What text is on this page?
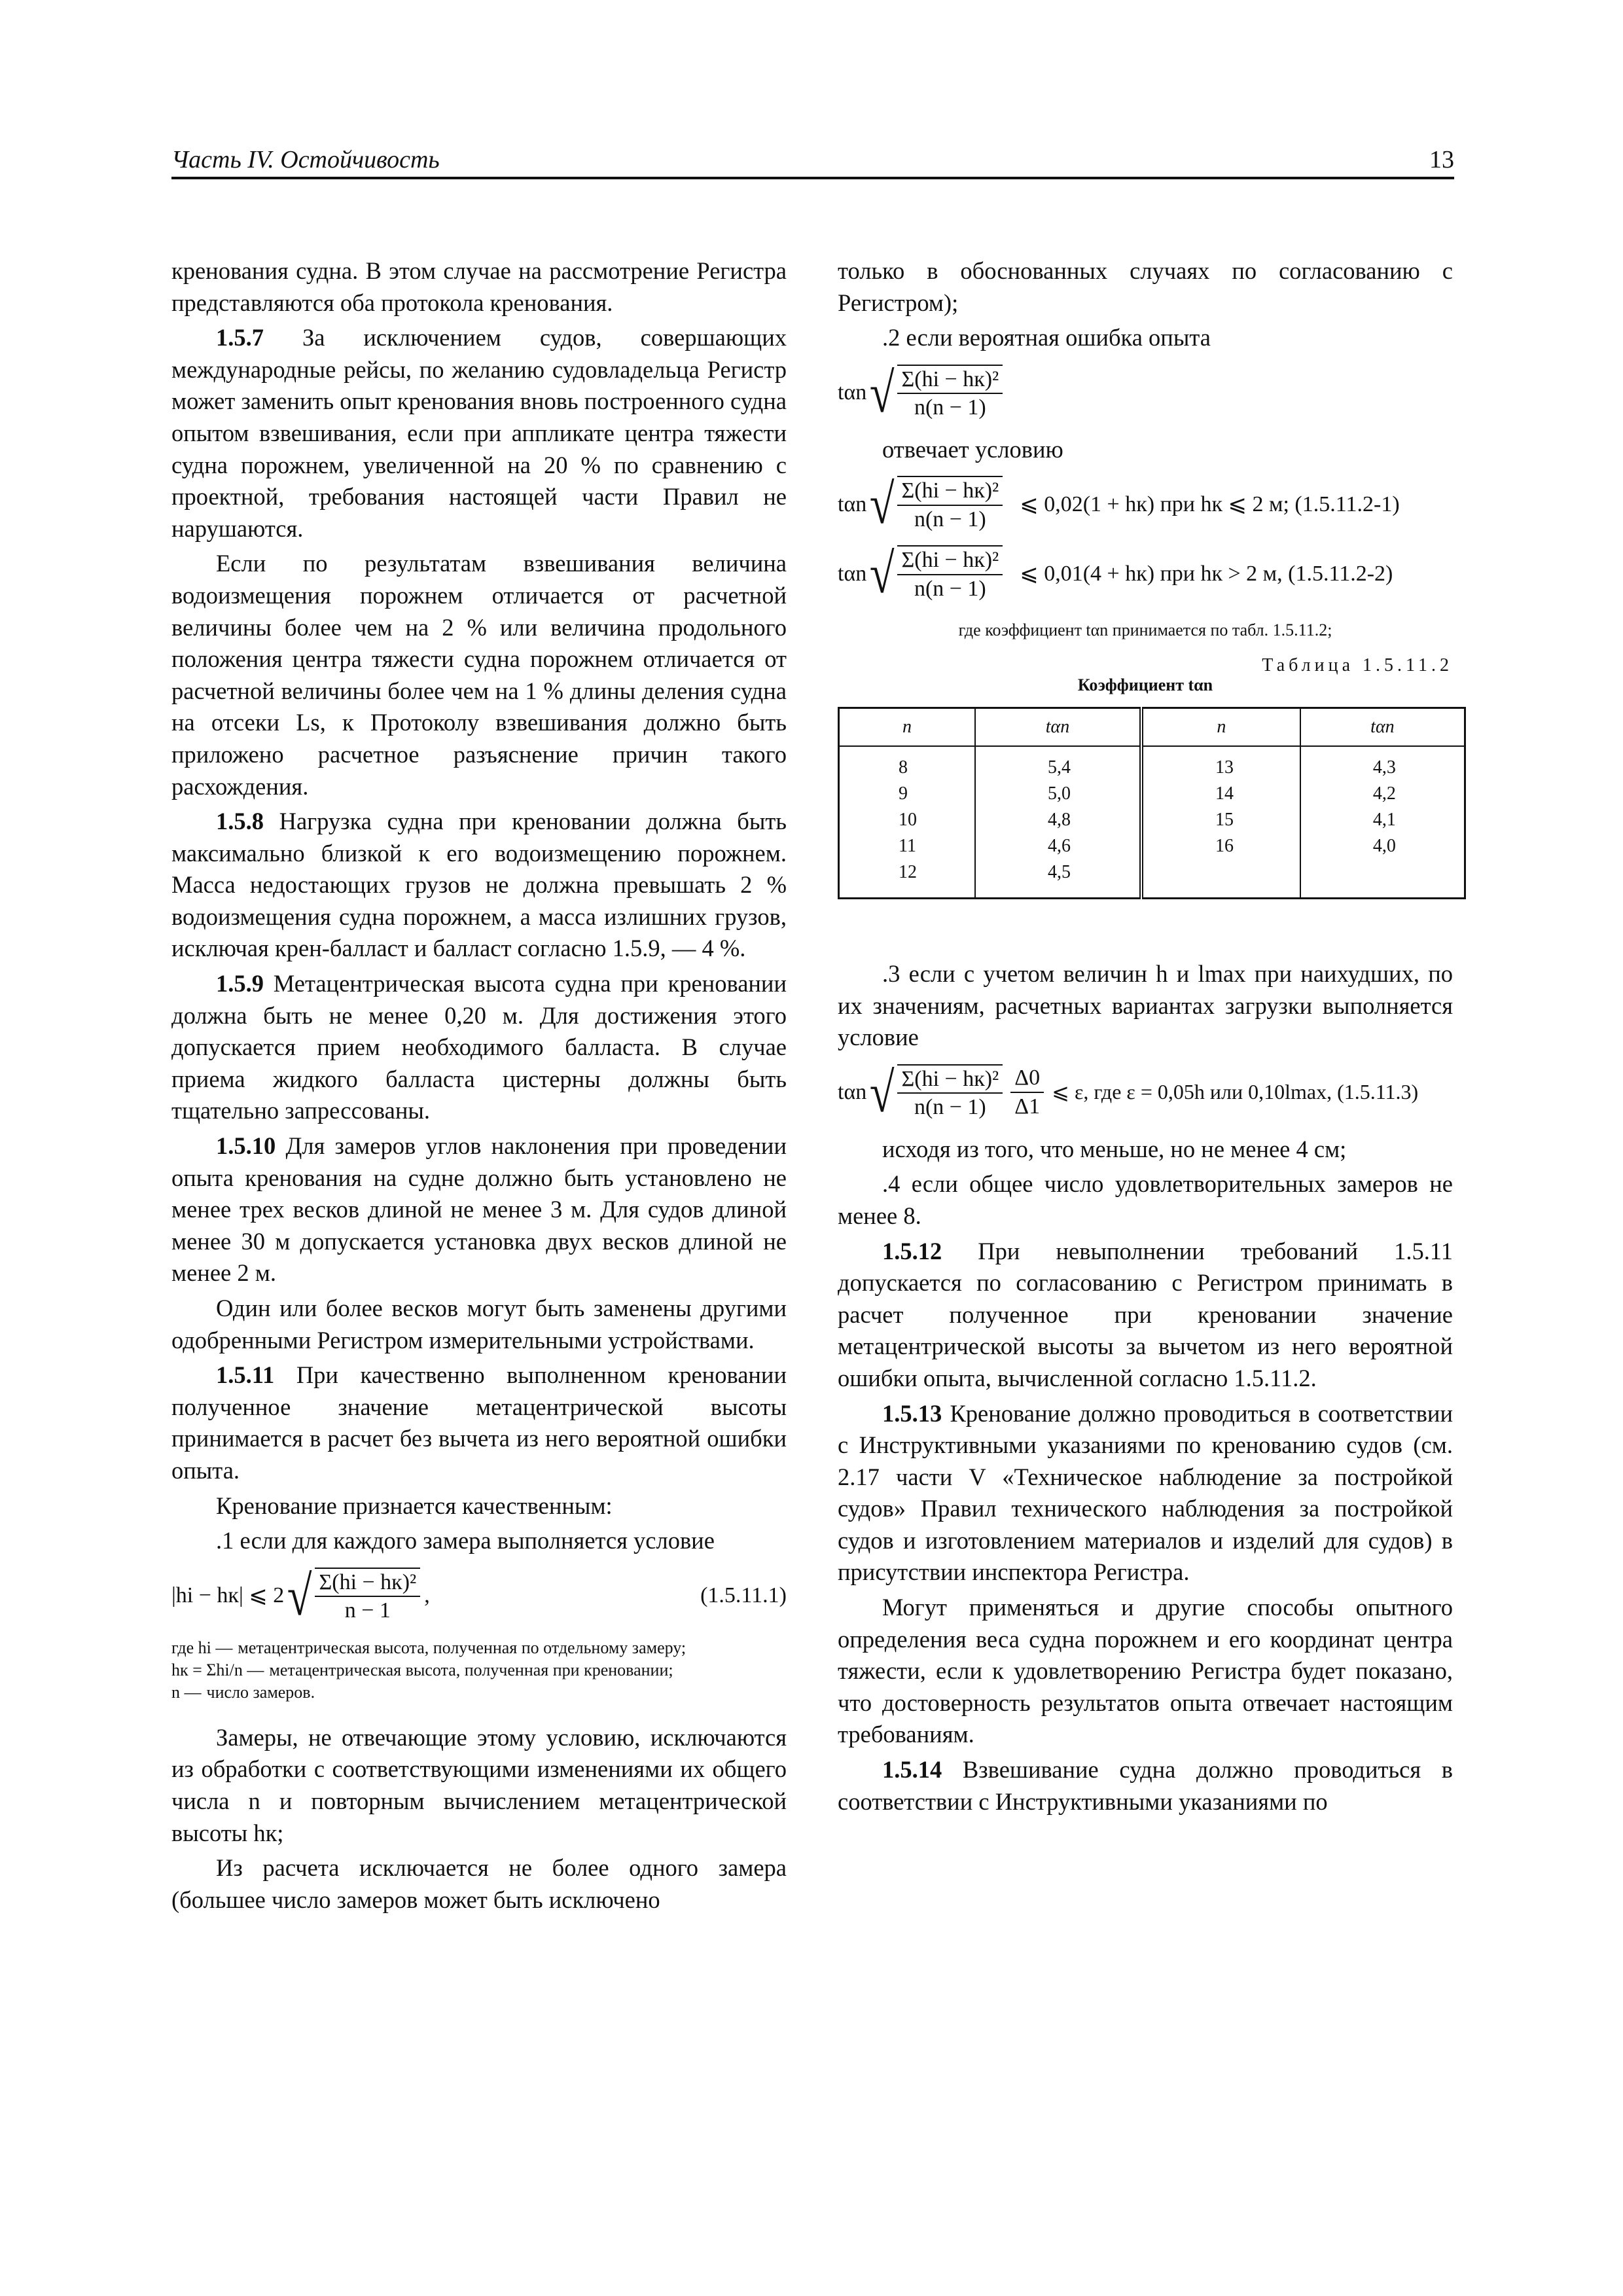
Часть IV. Остойчивость	13

кренования судна. В этом случае на рассмотрение Регистра представляются оба протокола кренования.

1.5.7 За исключением судов, совершающих международные рейсы, по желанию судовладельца Регистр может заменить опыт кренования вновь построенного судна опытом взвешивания, если при аппликате центра тяжести судна порожнем, увеличенной на 20 % по сравнению с проектной, требования настоящей части Правил не нарушаются.

Если по результатам взвешивания величина водоизмещения порожнем отличается от расчетной величины более чем на 2 % или величина продольного положения центра тяжести судна порожнем отличается от расчетной величины более чем на 1 % длины деления судна на отсеки Ls, к Протоколу взвешивания должно быть приложено расчетное разъяснение причин такого расхождения.

1.5.8 Нагрузка судна при креновании должна быть максимально близкой к его водоизмещению порожнем. Масса недостающих грузов не должна превышать 2 % водоизмещения судна порожнем, а масса излишних грузов, исключая крен-балласт и балласт согласно 1.5.9, — 4 %.

1.5.9 Метацентрическая высота судна при креновании должна быть не менее 0,20 м. Для достижения этого допускается прием необходимого балласта. В случае приема жидкого балласта цистерны должны быть тщательно запрессованы.

1.5.10 Для замеров углов наклонения при проведении опыта кренования на судне должно быть установлено не менее трех весков длиной не менее 3 м. Для судов длиной менее 30 м допускается установка двух весков длиной не менее 2 м.

Один или более весков могут быть заменены другими одобренными Регистром измерительными устройствами.

1.5.11 При качественно выполненном креновании полученное значение метацентрической высоты принимается в расчет без вычета из него вероятной ошибки опыта.

Кренование признается качественным:

.1 если для каждого замера выполняется условие

|hi − hк| ⩽ 2 √ $\frac{\text{Σ(hi − hк)²}}{n - 1}$ ,	(1.5.11.1)
где hi — метацентрическая высота, полученная по отдельному замеру;
hк = Σhi/n — метацентрическая высота, полученная при креновании;
n — число замеров.

Замеры, не отвечающие этому условию, исключаются из обработки с соответствующими изменениями их общего числа n и повторным вычислением метацентрической высоты hк;

Из расчета исключается не более одного замера (большее число замеров может быть исключено

только в обоснованных случаях по согласованию с Регистром);

.2 если вероятная ошибка опыта

tαn √ $\frac{\text{Σ(hi − hк)²}}{n(n - 1)}$

отвечает условию

tαn √ $\frac{\text{Σ(hi − hк)²}}{n(n - 1)}$ ⩽ 0,02(1 + hк) при hк ⩽ 2 м; (1.5.11.2-1)
tαn √ $\frac{\text{Σ(hi − hк)²}}{n(n - 1)}$ ⩽ 0,01(4 + hк) при hк > 2 м, (1.5.11.2-2)
где коэффициент tαn принимается по табл. 1.5.11.2;
Таблица 1.5.11.2
Коэффициент tαn
n	tαn	n	tαn
8	5,4	13	4,3
9	5,0	14	4,2
10	4,8	15	4,1
11	4,6	16	4,0
12	4,5		

.3 если с учетом величин h и lmax при наихудших, по их значениям, расчетных вариантах загрузки выполняется условие

tαn √ $\frac{\text{Σ(hi − hк)²}}{n(n - 1)} \frac{\Delta 0}{\Delta 1}$ ⩽ ε, где ε = 0,05h или 0,10lmax, (1.5.11.3)

исходя из того, что меньше, но не менее 4 см;

.4 если общее число удовлетворительных замеров не менее 8.

1.5.12 При невыполнении требований 1.5.11 допускается по согласованию с Регистром принимать в расчет полученное при креновании значение метацентрической высоты за вычетом из него вероятной ошибки опыта, вычисленной согласно 1.5.11.2.

1.5.13 Кренование должно проводиться в соответствии с Инструктивными указаниями по кренованию судов (см. 2.17 части V «Техническое наблюдение за постройкой судов» Правил технического наблюдения за постройкой судов и изготовлением материалов и изделий для судов) в присутствии инспектора Регистра.

Могут применяться и другие способы опытного определения веса судна порожнем и его координат центра тяжести, если к удовлетворению Регистра будет показано, что достоверность результатов опыта отвечает настоящим требованиям.

1.5.14 Взвешивание судна должно проводиться в соответствии с Инструктивными указаниями по
